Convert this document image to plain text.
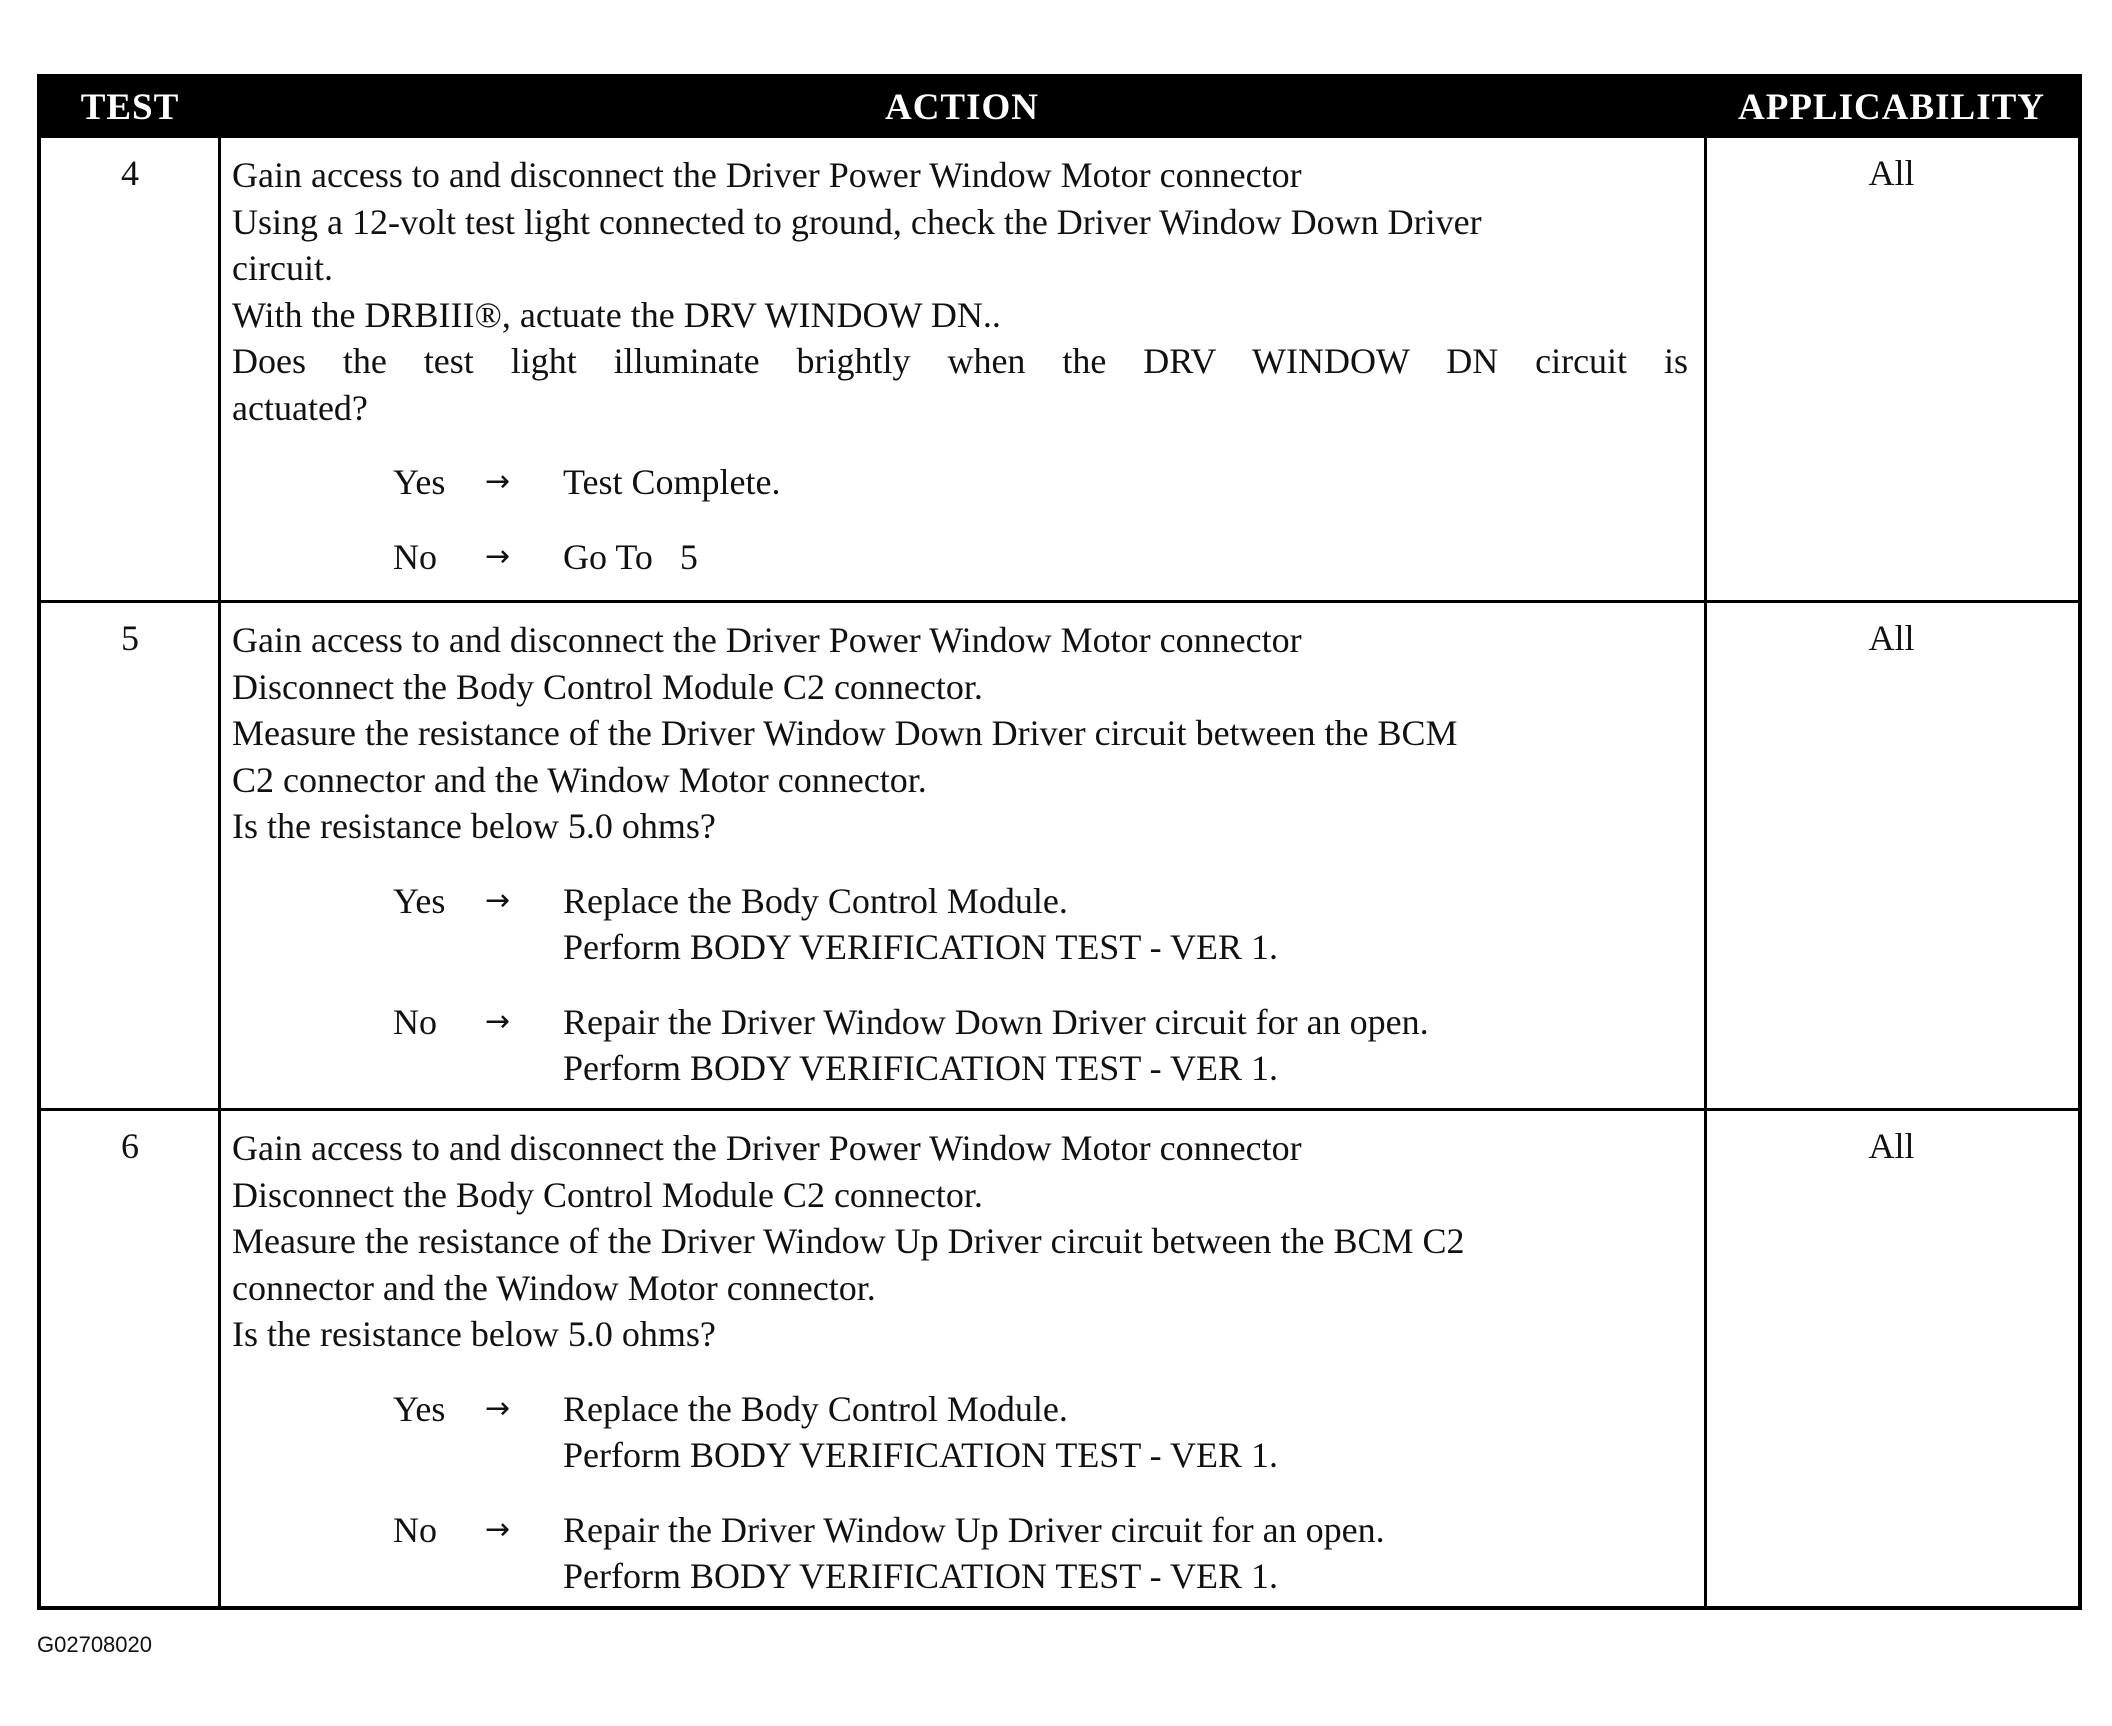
TEST	ACTION	APPLICABILITY
4	Gain access to and disconnect the Driver Power Window Motor connector
Using a 12-volt test light connected to ground, check the Driver Window Down Driver
circuit.
With the DRBIII®, actuate the DRV WINDOW DN..
Does the test light illuminate brightly when the DRV WINDOW DN circuit is
actuated?
Yes	→	Test Complete.
No	→	Go To   5
All
5	Gain access to and disconnect the Driver Power Window Motor connector
Disconnect the Body Control Module C2 connector.
Measure the resistance of the Driver Window Down Driver circuit between the BCM
C2 connector and the Window Motor connector.
Is the resistance below 5.0 ohms?
Yes	→	Replace the Body Control Module.
Perform BODY VERIFICATION TEST - VER 1.
No	→	Repair the Driver Window Down Driver circuit for an open.
Perform BODY VERIFICATION TEST - VER 1.
All
6	Gain access to and disconnect the Driver Power Window Motor connector
Disconnect the Body Control Module C2 connector.
Measure the resistance of the Driver Window Up Driver circuit between the BCM C2
connector and the Window Motor connector.
Is the resistance below 5.0 ohms?
Yes	→	Replace the Body Control Module.
Perform BODY VERIFICATION TEST - VER 1.
No	→	Repair the Driver Window Up Driver circuit for an open.
Perform BODY VERIFICATION TEST - VER 1.
All
G02708020
